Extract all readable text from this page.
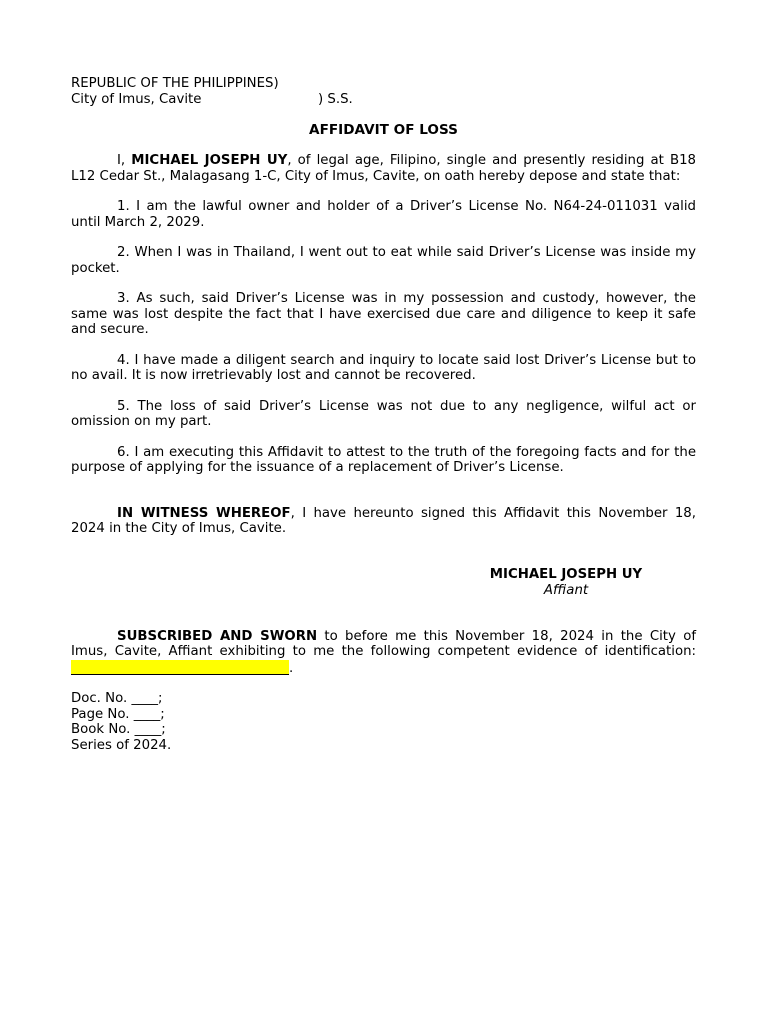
REPUBLIC OF THE PHILIPPINES)
City of Imus, Cavite	) S.S.
AFFIDAVIT OF LOSS

I, MICHAEL JOSEPH UY, of legal age, Filipino, single and presently residing at B18 L12 Cedar St., Malagasang 1-C, City of Imus, Cavite, on oath hereby depose and state that:

1. I am the lawful owner and holder of a Driver’s License No. N64-24-011031 valid until March 2, 2029.

2. When I was in Thailand, I went out to eat while said Driver’s License was inside my pocket.

3. As such, said Driver’s License was in my possession and custody, however, the same was lost despite the fact that I have exercised due care and diligence to keep it safe and secure.

4. I have made a diligent search and inquiry to locate said lost Driver’s License but to no avail. It is now irretrievably lost and cannot be recovered.

5. The loss of said Driver’s License was not due to any negligence, wilful act or omission on my part.

6. I am executing this Affidavit to attest to the truth of the foregoing facts and for the purpose of applying for the issuance of a replacement of Driver’s License.

IN WITNESS WHEREOF, I have hereunto signed this Affidavit this November 18, 2024 in the City of Imus, Cavite.

MICHAEL JOSEPH UY
Affiant

SUBSCRIBED AND SWORN to before me this November 18, 2024 in the City of Imus, Cavite, Affiant exhibiting to me the following competent evidence of identification: .

Doc. No. ____;
Page No. ____;
Book No. ____;
Series of 2024.
